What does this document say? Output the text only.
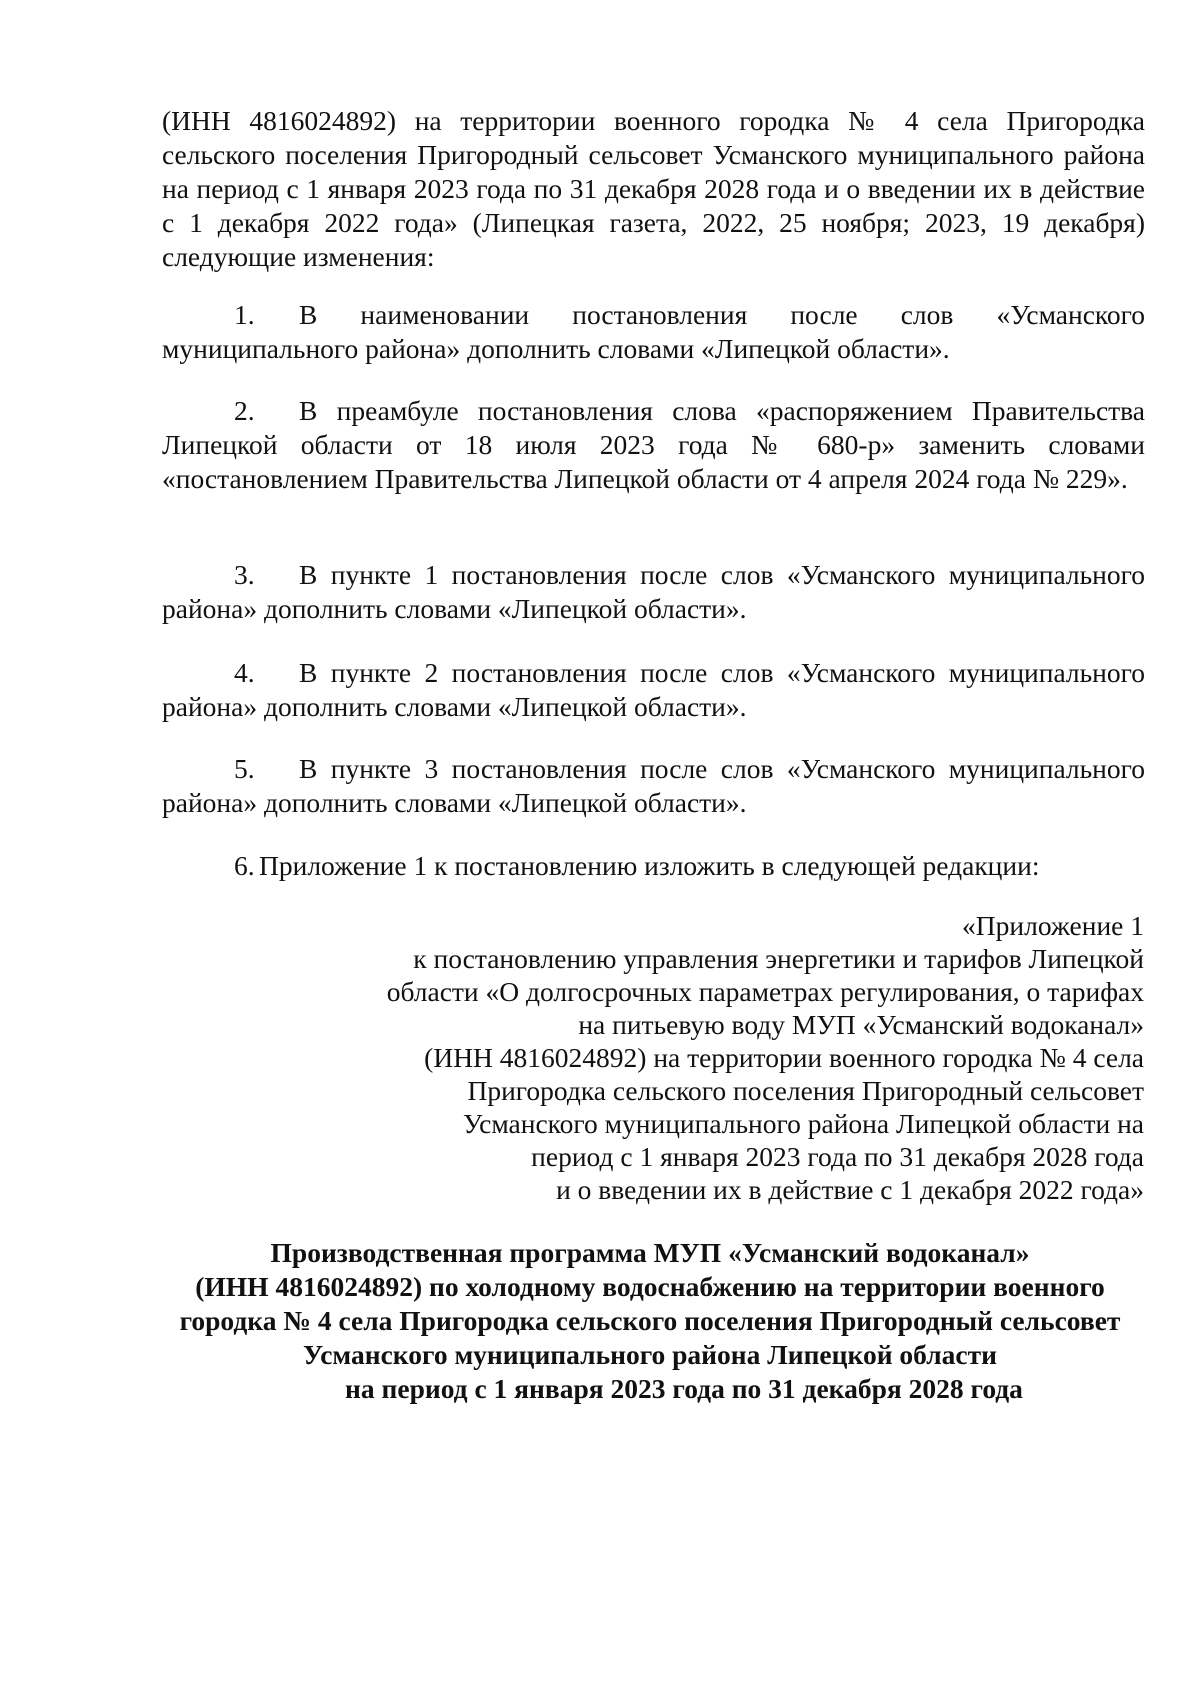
(ИНН 4816024892) на территории военного городка № 4 села Пригородка сельского поселения Пригородный сельсовет Усманского муниципального района на период с 1 января 2023 года по 31 декабря 2028 года и о введении их в действие с 1 декабря 2022 года» (Липецкая газета, 2022, 25 ноября; 2023, 19 декабря) следующие изменения:
1. В наименовании постановления после слов «Усманского муниципального района» дополнить словами «Липецкой области».
2. В преамбуле постановления слова «распоряжением Правительства Липецкой области от 18 июля 2023 года № 680-р» заменить словами «постановлением Правительства Липецкой области от 4 апреля 2024 года № 229».
3. В пункте 1 постановления после слов «Усманского муниципального района» дополнить словами «Липецкой области».
4. В пункте 2 постановления после слов «Усманского муниципального района» дополнить словами «Липецкой области».
5. В пункте 3 постановления после слов «Усманского муниципального района» дополнить словами «Липецкой области».
6. Приложение 1 к постановлению изложить в следующей редакции:
«Приложение 1
к постановлению управления энергетики и тарифов Липецкой
области «О долгосрочных параметрах регулирования, о тарифах
на питьевую воду МУП «Усманский водоканал»
(ИНН 4816024892) на территории военного городка № 4 села
Пригородка сельского поселения Пригородный сельсовет
Усманского муниципального района Липецкой области на
период с 1 января 2023 года по 31 декабря 2028 года
и о введении их в действие с 1 декабря 2022 года»
Производственная программа МУП «Усманский водоканал»
(ИНН 4816024892) по холодному водоснабжению на территории военного
городка № 4 села Пригородка сельского поселения Пригородный сельсовет
Усманского муниципального района Липецкой области
на период с 1 января 2023 года по 31 декабря 2028 года
